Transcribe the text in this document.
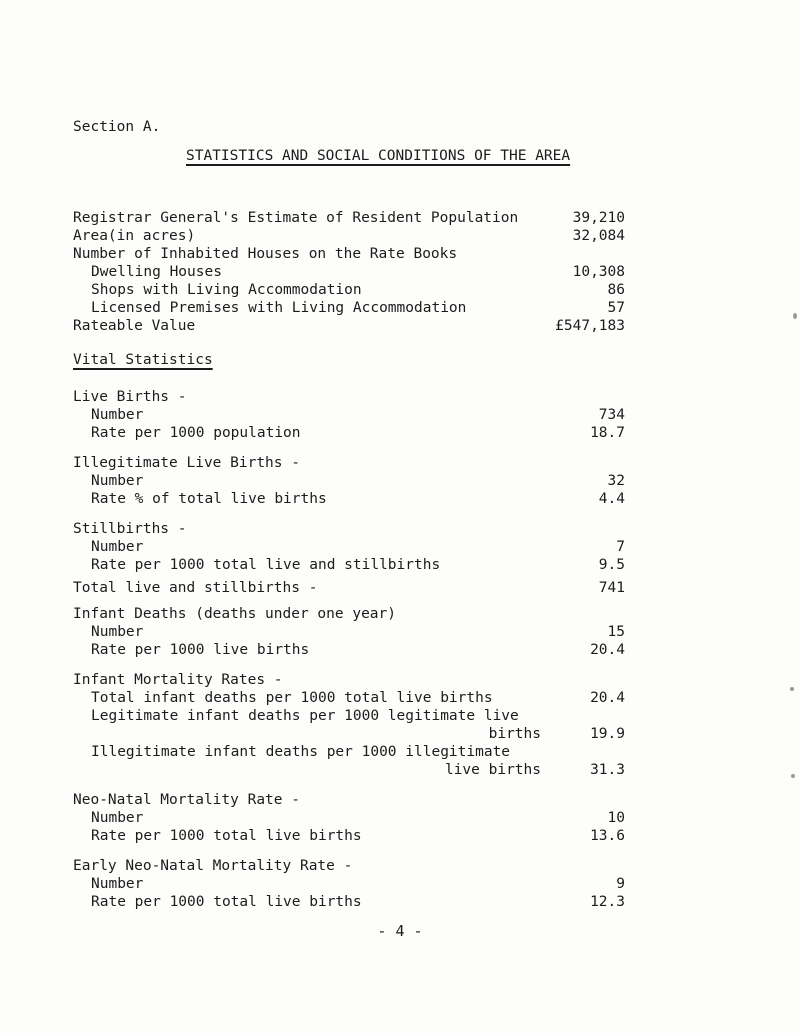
Section A.
STATISTICS AND SOCIAL CONDITIONS OF THE AREA
Registrar General's Estimate of Resident Population	39,210
Area(in acres)	32,084
Number of Inhabited Houses on the Rate Books
Dwelling Houses	10,308
Shops with Living Accommodation	86
Licensed Premises with Living Accommodation	57
Rateable Value	£547,183
Vital Statistics
Live Births -
Number	734
Rate per 1000 population	18.7
Illegitimate Live Births -
Number	32
Rate % of total live births	4.4
Stillbirths -
Number	7
Rate per 1000 total live and stillbirths	9.5
Total live and stillbirths -	741
Infant Deaths (deaths under one year)
Number	15
Rate per 1000 live births	20.4
Infant Mortality Rates -
Total infant deaths per 1000 total live births	20.4
Legitimate infant deaths per 1000 legitimate live
births	19.9
Illegitimate infant deaths per 1000 illegitimate
live births	31.3
Neo-Natal Mortality Rate -
Number	10
Rate per 1000 total live births	13.6
Early Neo-Natal Mortality Rate -
Number	9
Rate per 1000 total live births	12.3
- 4 -
